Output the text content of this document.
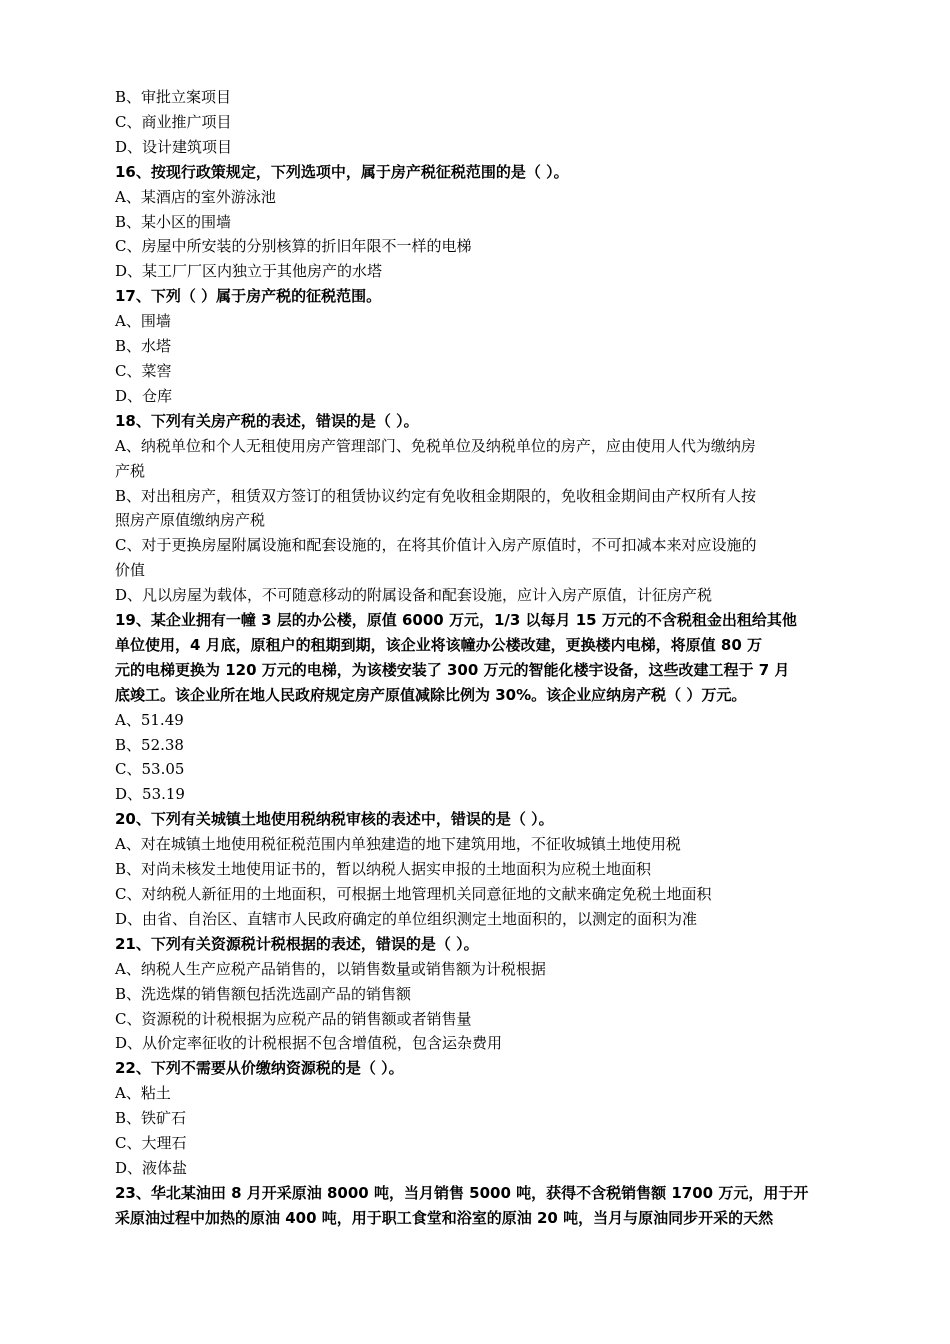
B、审批立案项目
C、商业推广项目
D、设计建筑项目
16、按现行政策规定，下列选项中，属于房产税征税范围的是（ ）。
A、某酒店的室外游泳池
B、某小区的围墙
C、房屋中所安装的分别核算的折旧年限不一样的电梯
D、某工厂厂区内独立于其他房产的水塔
17、下列（ ）属于房产税的征税范围。
A、围墙
B、水塔
C、菜窖
D、仓库
18、下列有关房产税的表述，错误的是（ ）。
A、纳税单位和个人无租使用房产管理部门、免税单位及纳税单位的房产，应由使用人代为缴纳房
产税
B、对出租房产，租赁双方签订的租赁协议约定有免收租金期限的，免收租金期间由产权所有人按
照房产原值缴纳房产税
C、对于更换房屋附属设施和配套设施的，在将其价值计入房产原值时，不可扣减本来对应设施的
价值
D、凡以房屋为载体，不可随意移动的附属设备和配套设施，应计入房产原值，计征房产税
19、某企业拥有一幢 3 层的办公楼，原值 6000 万元，1/3 以每月 15 万元的不含税租金出租给其他
单位使用，4 月底，原租户的租期到期，该企业将该幢办公楼改建，更换楼内电梯，将原值 80 万
元的电梯更换为 120 万元的电梯，为该楼安装了 300 万元的智能化楼宇设备，这些改建工程于 7 月
底竣工。该企业所在地人民政府规定房产原值减除比例为 30%。该企业应纳房产税（ ）万元。
A、51.49
B、52.38
C、53.05
D、53.19
20、下列有关城镇土地使用税纳税审核的表述中，错误的是（ ）。
A、对在城镇土地使用税征税范围内单独建造的地下建筑用地，不征收城镇土地使用税
B、对尚未核发土地使用证书的，暂以纳税人据实申报的土地面积为应税土地面积
C、对纳税人新征用的土地面积，可根据土地管理机关同意征地的文献来确定免税土地面积
D、由省、自治区、直辖市人民政府确定的单位组织测定土地面积的，以测定的面积为准
21、下列有关资源税计税根据的表述，错误的是（ ）。
A、纳税人生产应税产品销售的，以销售数量或销售额为计税根据
B、洗选煤的销售额包括洗选副产品的销售额
C、资源税的计税根据为应税产品的销售额或者销售量
D、从价定率征收的计税根据不包含增值税，包含运杂费用
22、下列不需要从价缴纳资源税的是（ ）。
A、粘土
B、铁矿石
C、大理石
D、液体盐
23、华北某油田 8 月开采原油 8000 吨，当月销售 5000 吨，获得不含税销售额 1700 万元，用于开
采原油过程中加热的原油 400 吨，用于职工食堂和浴室的原油 20 吨，当月与原油同步开采的天然
